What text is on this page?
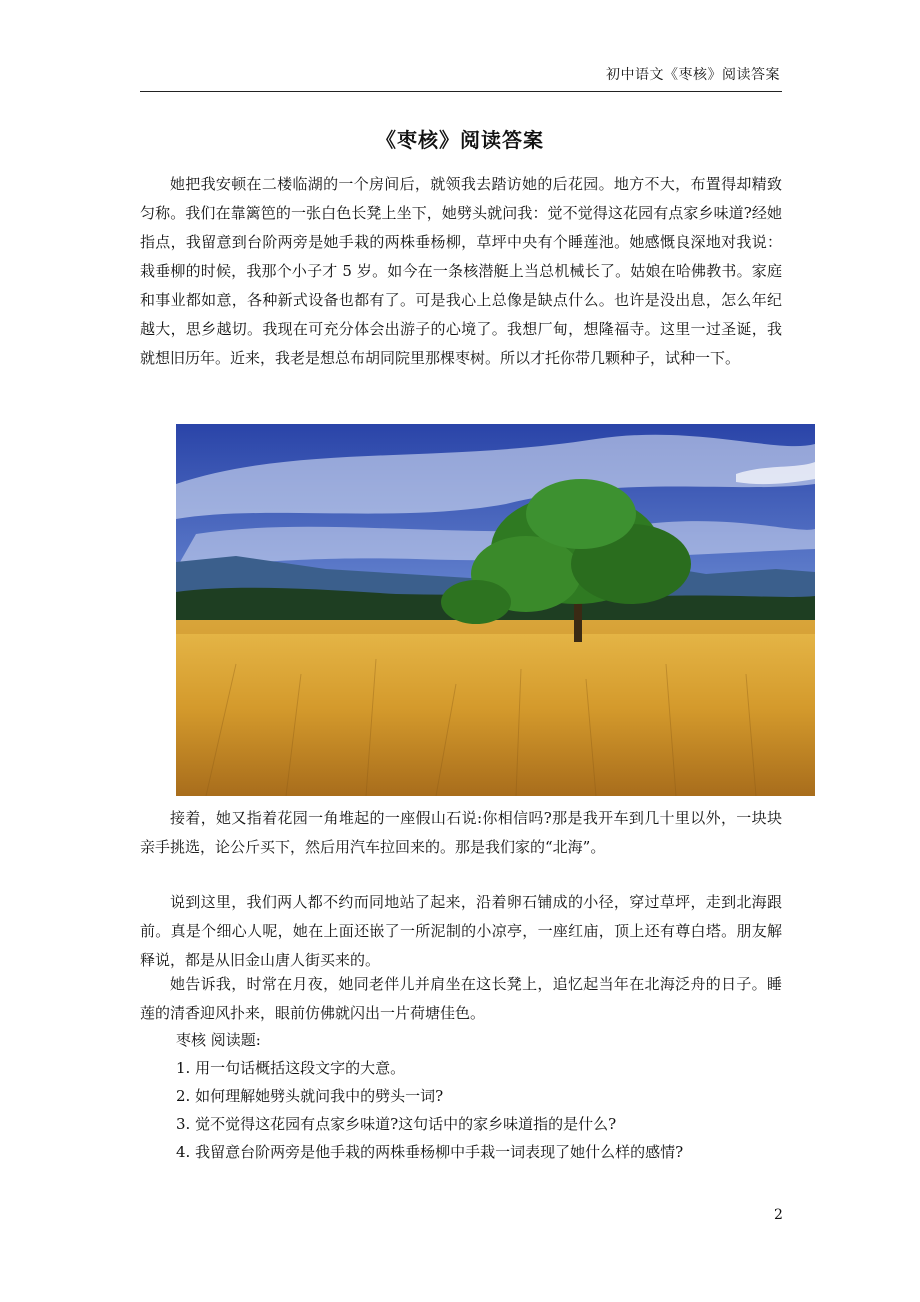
初中语文《枣核》阅读答案
《枣核》阅读答案

她把我安顿在二楼临湖的一个房间后，就领我去踏访她的后花园。地方不大，布置得却精致匀称。我们在靠篱笆的一张白色长凳上坐下，她劈头就问我：觉不觉得这花园有点家乡味道?经她指点，我留意到台阶两旁是她手栽的两株垂杨柳，草坪中央有个睡莲池。她感慨良深地对我说：栽垂柳的时候，我那个小子才 5 岁。如今在一条核潜艇上当总机械长了。姑娘在哈佛教书。家庭和事业都如意，各种新式设备也都有了。可是我心上总像是缺点什么。也许是没出息，怎么年纪越大，思乡越切。我现在可充分体会出游子的心境了。我想厂甸，想隆福寺。这里一过圣诞，我就想旧历年。近来，我老是想总布胡同院里那棵枣树。所以才托你带几颗种子，试种一下。

接着，她又指着花园一角堆起的一座假山石说:你相信吗?那是我开车到几十里以外，一块块亲手挑选，论公斤买下，然后用汽车拉回来的。那是我们家的“北海”。

说到这里，我们两人都不约而同地站了起来，沿着卵石铺成的小径，穿过草坪，走到北海跟前。真是个细心人呢，她在上面还嵌了一所泥制的小凉亭，一座红庙，顶上还有尊白塔。朋友解释说，都是从旧金山唐人街买来的。

她告诉我，时常在月夜，她同老伴儿并肩坐在这长凳上，追忆起当年在北海泛舟的日子。睡莲的清香迎风扑来，眼前仿佛就闪出一片荷塘佳色。

枣核 阅读题:
1. 用一句话概括这段文字的大意。
2. 如何理解她劈头就问我中的劈头一词?
3. 觉不觉得这花园有点家乡味道?这句话中的家乡味道指的是什么?
4. 我留意台阶两旁是他手栽的两株垂杨柳中手栽一词表现了她什么样的感情?
2
